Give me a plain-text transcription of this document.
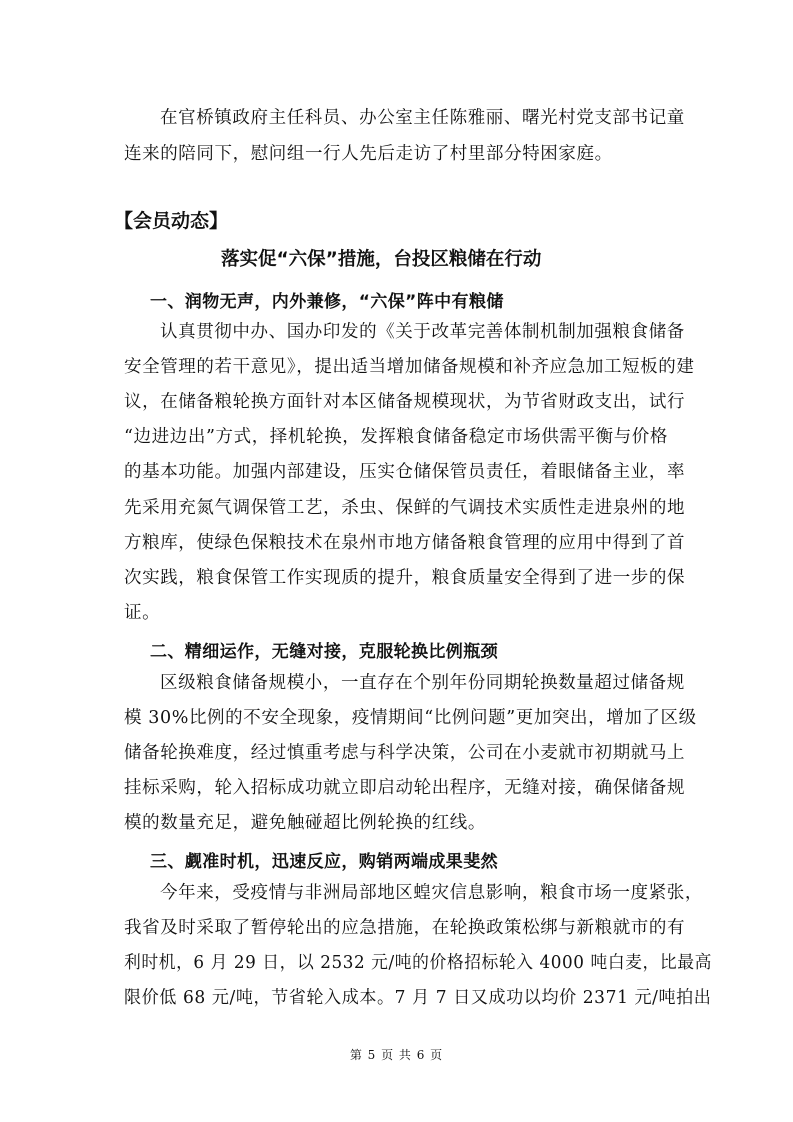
在官桥镇政府主任科员、办公室主任陈雅丽、曙光村党支部书记童
连来的陪同下，慰问组一行人先后走访了村里部分特困家庭。
【会员动态】
落实促“六保”措施，台投区粮储在行动
一、润物无声，内外兼修，“六保”阵中有粮储
认真贯彻中办、国办印发的《关于改革完善体制机制加强粮食储备
安全管理的若干意见》，提出适当增加储备规模和补齐应急加工短板的建
议，在储备粮轮换方面针对本区储备规模现状，为节省财政支出，试行
“边进边出”方式，择机轮换，发挥粮食储备稳定市场供需平衡与价格
的基本功能。加强内部建设，压实仓储保管员责任，着眼储备主业，率
先采用充氮气调保管工艺，杀虫、保鲜的气调技术实质性走进泉州的地
方粮库，使绿色保粮技术在泉州市地方储备粮食管理的应用中得到了首
次实践，粮食保管工作实现质的提升，粮食质量安全得到了进一步的保
证。
二、精细运作，无缝对接，克服轮换比例瓶颈
区级粮食储备规模小，一直存在个别年份同期轮换数量超过储备规
模 30%比例的不安全现象，疫情期间“比例问题”更加突出，增加了区级
储备轮换难度，经过慎重考虑与科学决策，公司在小麦就市初期就马上
挂标采购，轮入招标成功就立即启动轮出程序，无缝对接，确保储备规
模的数量充足，避免触碰超比例轮换的红线。
三、觑准时机，迅速反应，购销两端成果斐然
今年来，受疫情与非洲局部地区蝗灾信息影响，粮食市场一度紧张，
我省及时采取了暂停轮出的应急措施，在轮换政策松绑与新粮就市的有
利时机，6 月 29 日，以 2532 元/吨的价格招标轮入 4000 吨白麦，比最高
限价低 68 元/吨，节省轮入成本。7 月 7 日又成功以均价 2371 元/吨拍出
第 5 页 共 6 页
